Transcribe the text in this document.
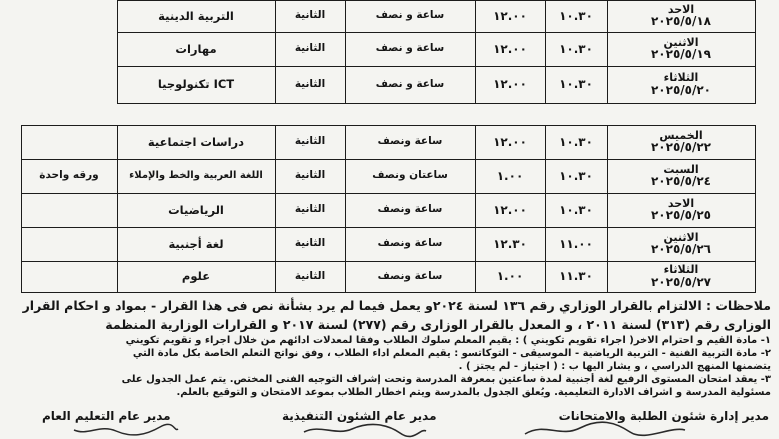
الاحد
٢٠٢٥/٥/١٨
١٠.٣٠
١٢.٠٠
ساعة و نصف
الثانية
التربية الدينية
الاثنين
٢٠٢٥/٥/١٩
١٠.٣٠
١٢.٠٠
ساعة و نصف
الثانية
مهارات
الثلاثاء
٢٠٢٥/٥/٢٠
١٠.٣٠
١٢.٠٠
ساعة و نصف
الثانية
تكنولوجيا ICT
الخميس
٢٠٢٥/٥/٢٢
١٠.٣٠
١٢.٠٠
ساعة ونصف
الثانية
دراسات اجتماعية
السبت
٢٠٢٥/٥/٢٤
١٠.٣٠
١.٠٠
ساعتان ونصف
الثانية
اللغة العربية والخط والإملاء
ورقه واحدة
الاحد
٢٠٢٥/٥/٢٥
١٠.٣٠
١٢.٠٠
ساعة ونصف
الثانية
الرياضيات
الاثنين
٢٠٢٥/٥/٢٦
١١.٠٠
١٢.٣٠
ساعة ونصف
الثانية
لغة أجنبية
الثلاثاء
٢٠٢٥/٥/٢٧
١١.٣٠
١.٠٠
ساعة ونصف
الثانية
علوم
ملاحظات : الالتزام بالقرار الوزاري رقم ١٣٦ لسنة ٢٠٢٤و يعمل فيما لم يرد بشأنة نص فى هذا القرار - بمواد و احكام القرار
الوزارى رقم (٣١٣) لسنة ٢٠١١ ، و المعدل بالقرار الوزارى رقم (٢٧٧) لسنة ٢٠١٧ و القرارات الوزارية المنظمة
١- مادة القيم و احترام الاخر( اجراء تقويم تكويني ) : يقيم المعلم سلوك الطلاب وفقا لمعدلات ادائهم من خلال اجراء و تقويم تكويني
٢- مادة التربية الفنية - التربية الرياضية - الموسيقى - التوكاتسو : يقيم المعلم اداء الطلاب ، وفق نواتج التعلم الخاصة بكل مادة التي
يتضمنها المنهج الدراسي ، و يشار اليها ب : ( اجتياز - لم يجتز ) .
٣- يعقد امتحان المستوى الرفيع لغة أجنبية لمدة ساعتين بمعرفة المدرسة وتحت إشراف التوجيه الفنى المختص. يتم عمل الجدول على
مسئولية المدرسة و اشراف الادارة التعليمية. ويُعلق الجدول بالمدرسة ويتم اخطار الطلاب بموعد الامتحان و التوقيع بالعلم.
مدير إدارة شئون الطلبة والامتحانات
مدير عام الشئون التنفيذية
مدير عام التعليم العام
